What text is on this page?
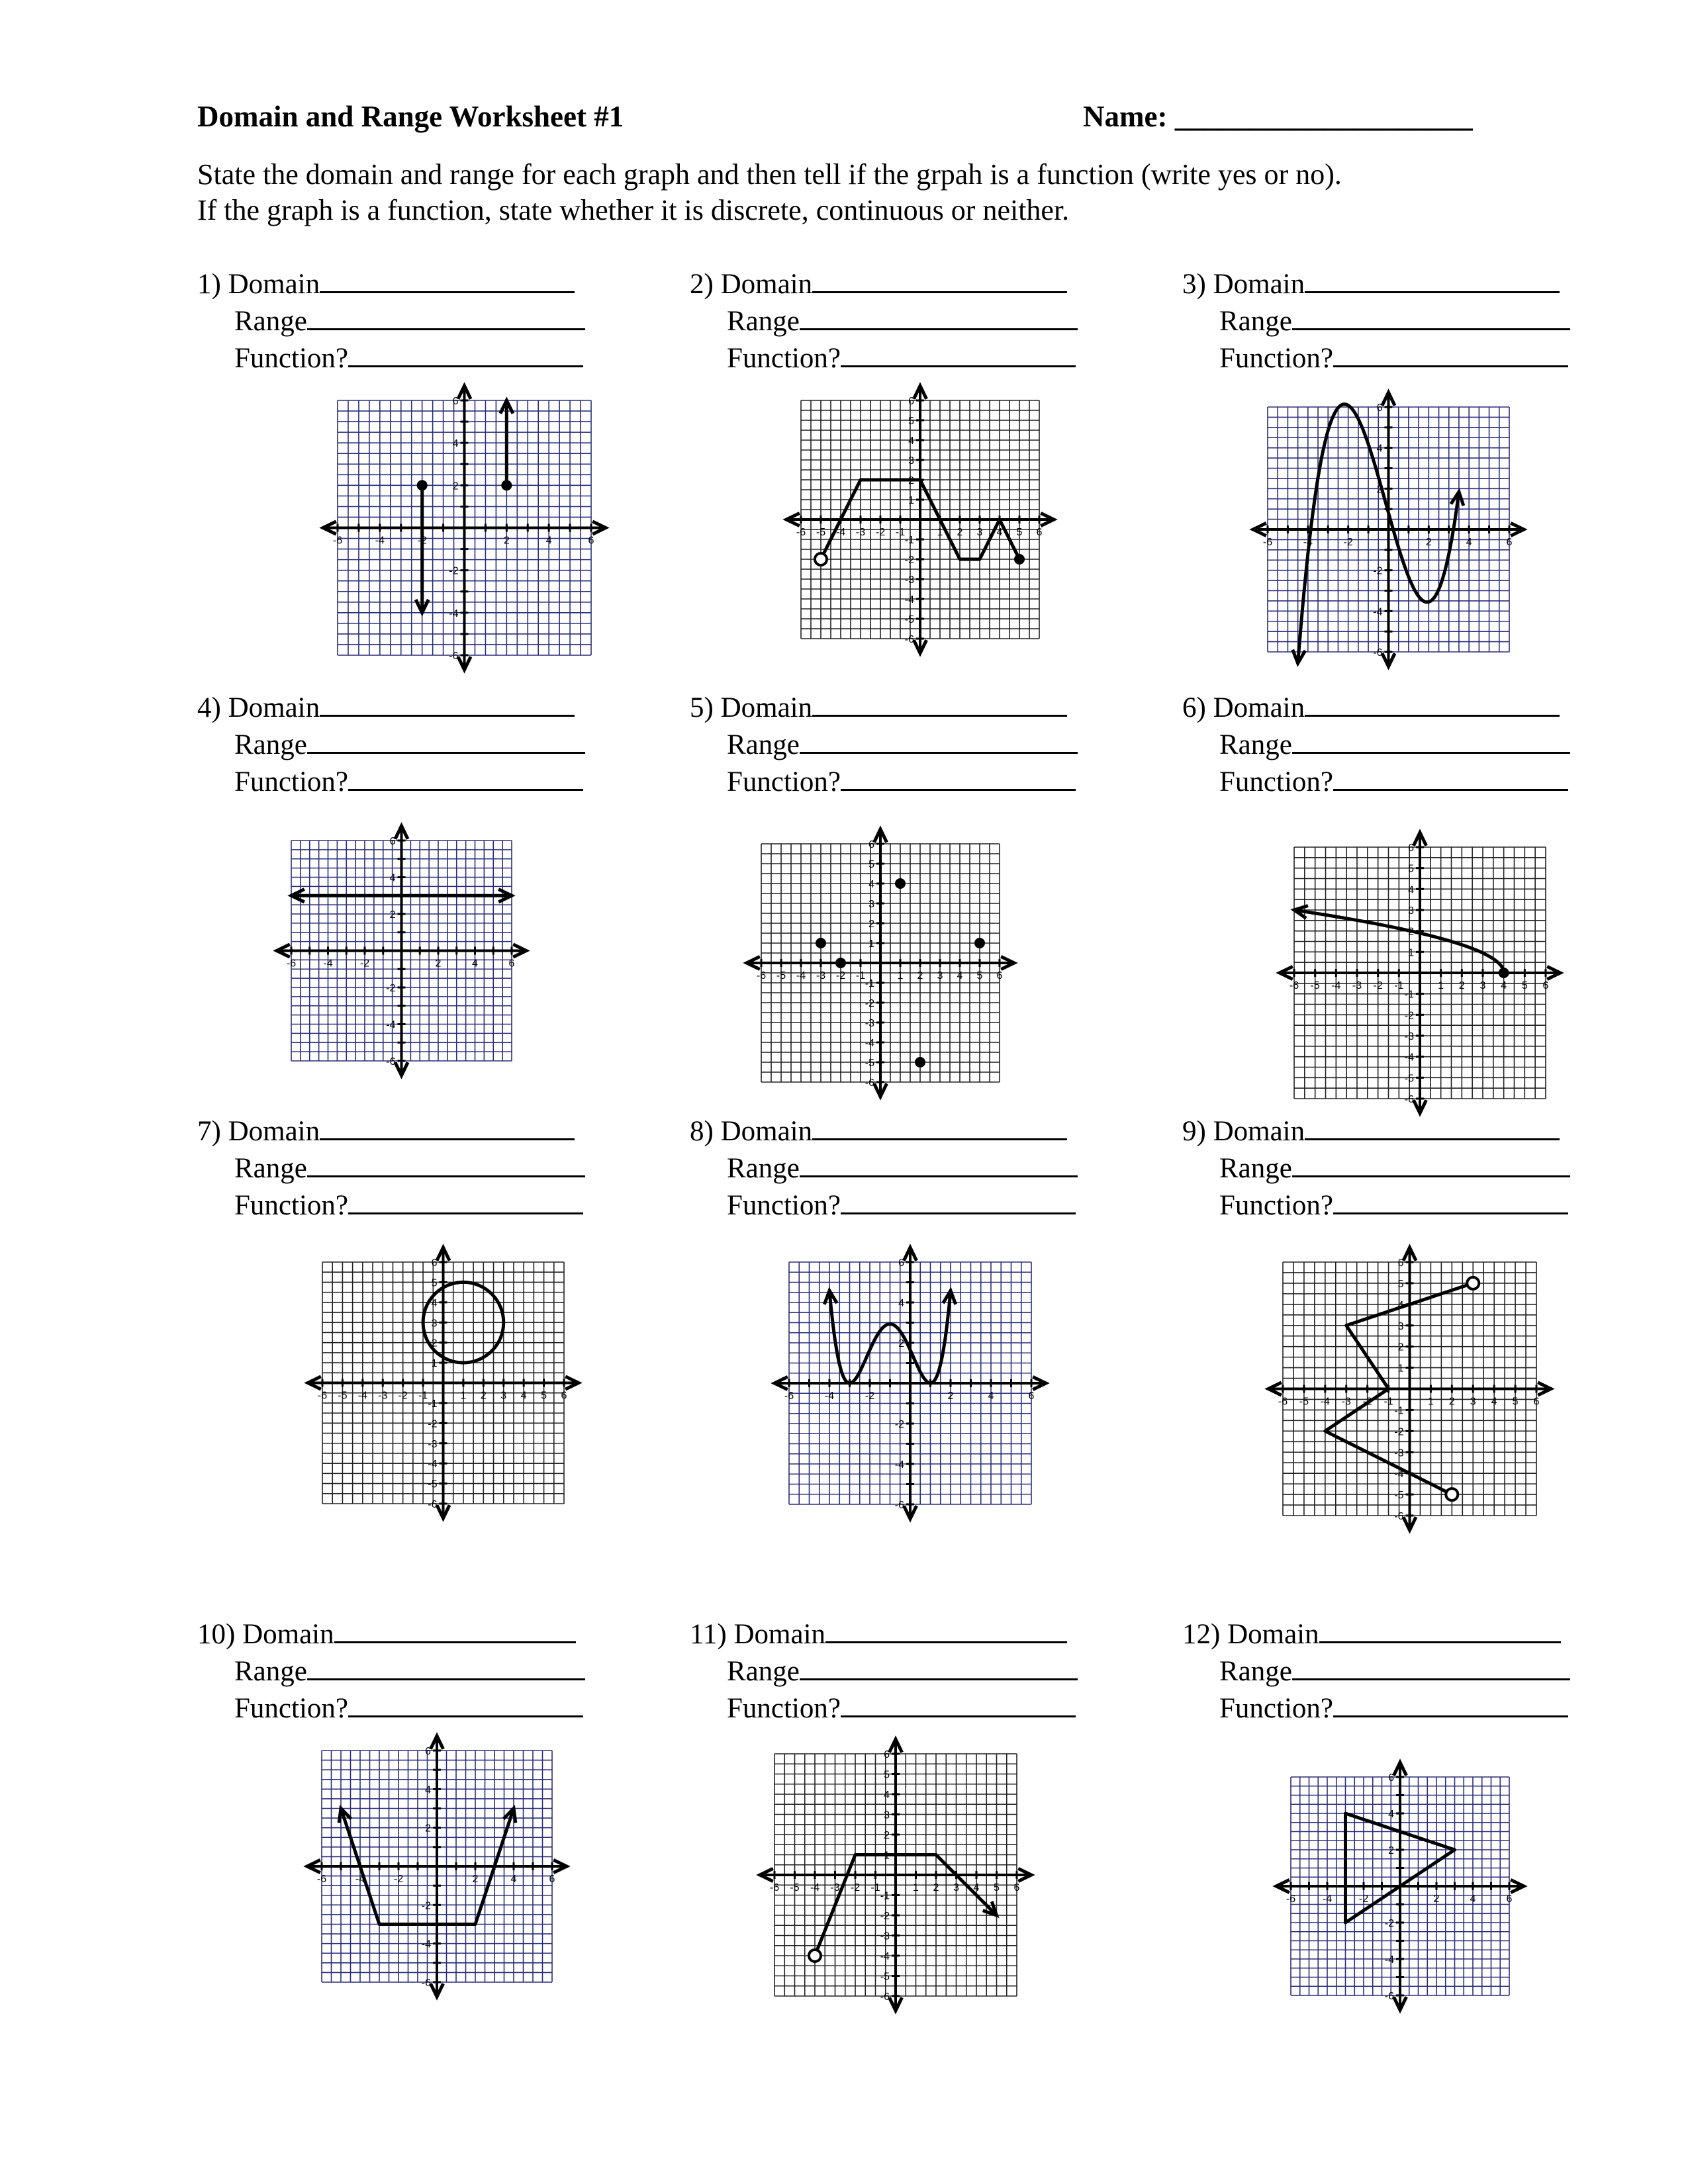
Domain and Range Worksheet #1	Name: ____________________
State the domain and range for each graph and then tell if the grpah is a function (write yes or no).
If the graph is a function, state whether it is discrete, continuous or neither.
1) Domain
Range
Function?
2) Domain
Range
Function?
3) Domain
Range
Function?
4) Domain
Range
Function?
5) Domain
Range
Function?
6) Domain
Range
Function?
7) Domain
Range
Function?
8) Domain
Range
Function?
9) Domain
Range
Function?
10) Domain
Range
Function?
11) Domain
Range
Function?
12) Domain
Range
Function?
-6
-6
-4
-4
-2
-2
2
2
4
4
6
6
-6
-6
-5
-5
-4
-4
-3
-3
-2
-2
-1
-1
1
1
2
2
3
3
4
4
5
5
6
6
-6
-6
-4
-4
-2
-2
2
2
4
4
6
6
-6
-6
-4
-4
-2
-2
2
2
4
4
6
6
-6
-6
-5
-5
-4
-4
-3
-3
-2
-2
-1
-1
1
1
2
2
3
3
4
4
5
5
6
6
-6
-6
-5
-5
-4
-4
-3
-3
-2
-2
-1
-1
1
1
2
2
3
3
4
4
5
5
6
6
-6
-6
-5
-5
-4
-4
-3
-3
-2
-2
-1
-1
1
1
2
2
3
3
4
4
5
5
6
6
-6
-6
-4
-4
-2
-2
2
2
4
4
6
6
-6
-6
-5
-5
-4
-4
-3
-3
-2
-2
-1
-1
1
1
2
2
3
3
4
4
5
5
6
6
-6
-6
-4
-4
-2
-2
2
2
4
4
6
6
-6
-6
-5
-5
-4
-4
-3
-3
-2
-2
-1
-1
1
1
2
2
3
3
4
4
5
5
6
6
-6
-6
-4
-4
-2
-2
2
2
4
4
6
6
